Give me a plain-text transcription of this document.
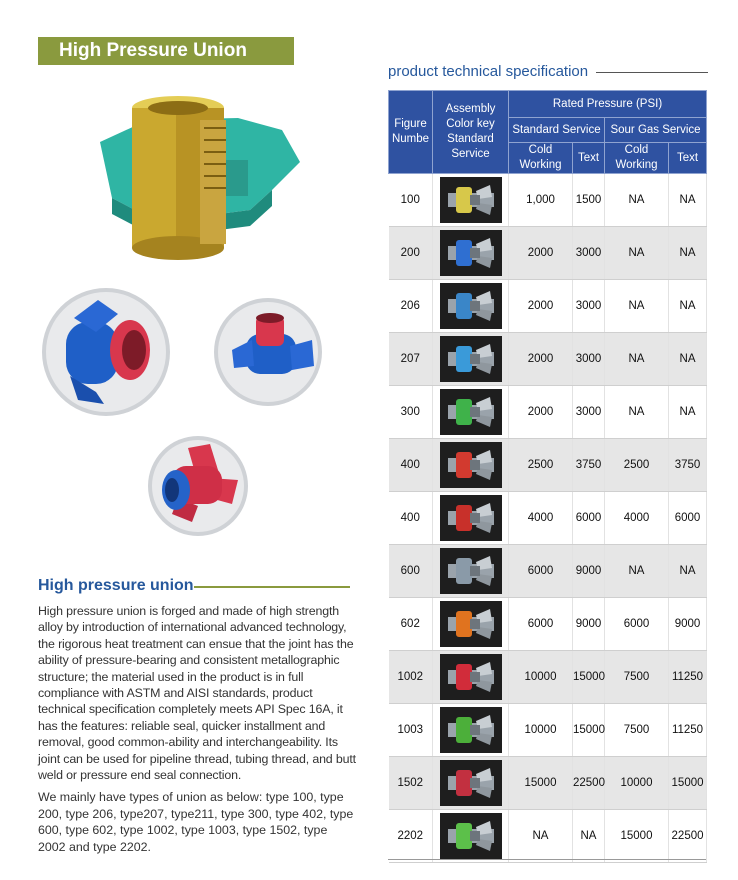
High Pressure Union
High pressure union

High pressure union is forged and made of high strength alloy by introduction of international advanced technology, the rigorous heat treatment can ensue that the joint has the ability of pressure-bearing and consistent metallographic structure; the material used in the product is in full compliance with ASTM and AISI standards, product technical specification completely meets API Spec 16A, it has the features: reliable seal, quicker installment and removal, good common-ability and interchangeability. Its joint can be used for pipeline thread, tubing thread, and butt weld or pressure end seal connection.

We mainly have types of union as below: type 100, type 200, type 206, type207, type211, type 300, type 402, type 600, type 602, type 1002, type 1003, type 1502, type 2002 and type 2202.

product technical specification
Figure Numbe	Assembly Color key Standard Service	Rated Pressure (PSI)			
		Standard Service		Sour Gas Service	
		Cold Working	Text	Cold Working	Text
100		1,000	1500	NA	NA
200		2000	3000	NA	NA
206		2000	3000	NA	NA
207		2000	3000	NA	NA
300		2000	3000	NA	NA
400		2500	3750	2500	3750
400		4000	6000	4000	6000
600		6000	9000	NA	NA
602		6000	9000	6000	9000
1002		10000	15000	7500	11250
1003		10000	15000	7500	11250
1502		15000	22500	10000	15000
2202		NA	NA	15000	22500
